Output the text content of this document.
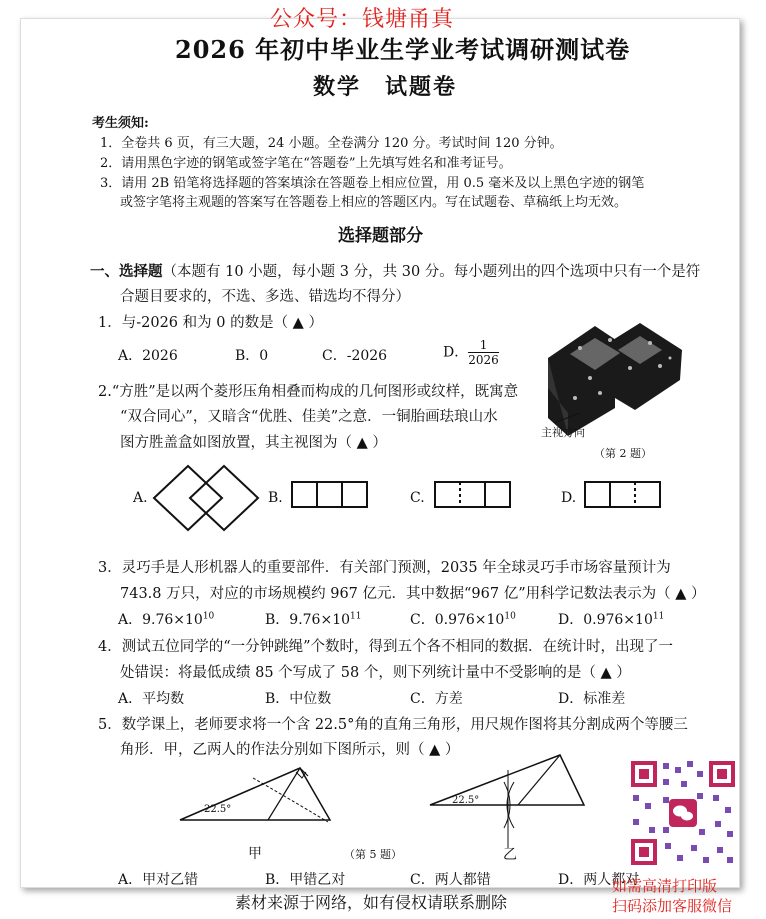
公众号：钱塘甬真
2026 年初中毕业生学业考试调研测试卷
数学　试题卷
考生须知:
1．全卷共 6 页，有三大题，24 小题。全卷满分 120 分。考试时间 120 分钟。
2．请用黑色字迹的钢笔或签字笔在“答题卷”上先填写姓名和准考证号。
3．请用 2B 铅笔将选择题的答案填涂在答题卷上相应位置，用 0.5 毫米及以上黑色字迹的钢笔
或签字笔将主观题的答案写在答题卷上相应的答题区内。写在试题卷、草稿纸上均无效。
选择题部分
一、选择题（本题有 10 小题，每小题 3 分，共 30 分。每小题列出的四个选项中只有一个是符
合题目要求的，不选、多选、错选均不得分）
1．与-2026 和为 0 的数是（ ▲ ）
A．2026	B．0	C．-2026	D． $\frac{1}{2026}$
主视方向
（第 2 题）
2.“方胜”是以两个菱形压角相叠而构成的几何图形或纹样，既寓意
“双合同心”，又暗含“优胜、佳美”之意．一铜胎画珐琅山水
图方胜盖盒如图放置，其主视图为（ ▲ ）
A.	B.	C.	D.
3．灵巧手是人形机器人的重要部件．有关部门预测，2035 年全球灵巧手市场容量预计为
743.8 万只，对应的市场规模约 967 亿元．其中数据“967 亿”用科学记数法表示为（ ▲ ）
A．$9.76\times 10^{10}$	B．$9.76\times 10^{11}$	C．$0.976\times 10^{10}$	D．$0.976\times 10^{11}$
4．测试五位同学的“一分钟跳绳”个数时，得到五个各不相同的数据．在统计时，出现了一
处错误：将最低成绩 85 个写成了 58 个，则下列统计量中不受影响的是（ ▲ ）
A．平均数	B．中位数	C．方差	D．标准差
5．数学课上，老师要求将一个含 22.5°角的直角三角形，用尺规作图将其分割成两个等腰三
角形．甲，乙两人的作法分别如下图所示，则（ ▲ ）
22.5°
甲	（第 5 题）
22.5°
乙
A．甲对乙错	B．甲错乙对	C．两人都错	D．两人都对
如需高清打印版
扫码添加客服微信
素材来源于网络，如有侵权请联系删除
